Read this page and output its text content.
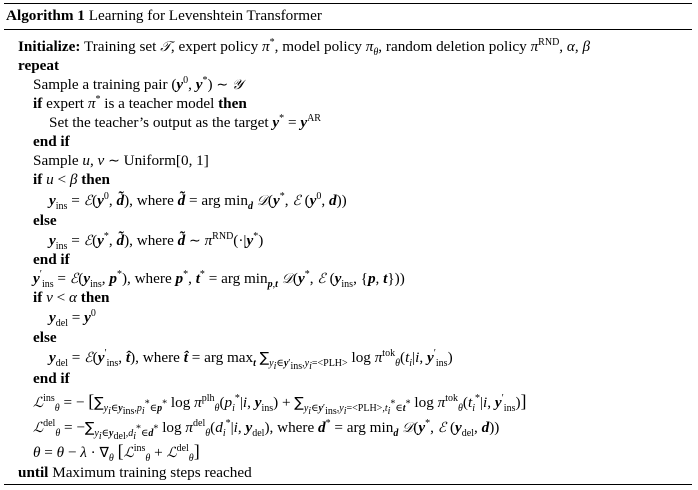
Algorithm 1 Learning for Levenshtein Transformer
Initialize: Training set 𝒯, expert policy π*, model policy $\pi_\theta$, random deletion policy $\pi^{RND}$, α, β
repeat
Sample a training pair ($y^0$, y*) ∼ 𝒴
if expert π* is a teacher model then
Set the teacher’s output as the target $y^* = y^{AR}$
end if
Sample u, v ∼ Uniform[0, 1]
if u < β then
$y_{ins}$ = $ℰ(y^0$, d̃), where d̃ = arg $\min_d$ 𝒟(y*, ℰ ($y^0$, d))
else
$y_{ins}$ = ℰ(y*, d̃), where d̃ ∼ $\pi^{RND}(\cdot|y^*)$
end if
$y'_{ins}$ = $ℰ(y_{ins}$, p*), where p*, t* = arg $\min_{p,t}$ 𝒟(y*, ℰ ($y_{ins}$, {p, t}))
if v < α then
$y_{del} = y^0$
else
$y_{del}$ = $ℰ(y'_{ins}$, t̂), where t̂ = arg $\max_t \sum_{y_i\in y'_{ins},y_i=<PLH>}$ $\log \pi^{tok}_\theta(t_i|i$, $y'_{ins}$)
end if
ℒ$^{ins}_\theta$ = − [$\sum_{y_i\in y_{ins},p_i^*\in p^*}$ $\log \pi^{plh}_\theta(p_i^*|i$, $y_{ins}) + \sum_{y_i\in y'_{ins},y_i=<PLH>,t_i^*\in t^*}$ $\log \pi^{tok}_\theta(t_i^*|i$, $y'_{ins}$)]
ℒ$^{del}_\theta$ = $-\sum_{y_i\in y_{del},d_i^*\in d^*}$ $\log \pi^{del}_\theta(d_i^*|i$, $y_{del}$), where d* = arg $\min_d$ 𝒟(y*, ℰ ($y_{del}$, d))
$\theta = \theta - \lambda \cdot \nabla_\theta$ [ℒ$^{ins}_\theta$ + ℒ$^{del}_\theta$]
until Maximum training steps reached
